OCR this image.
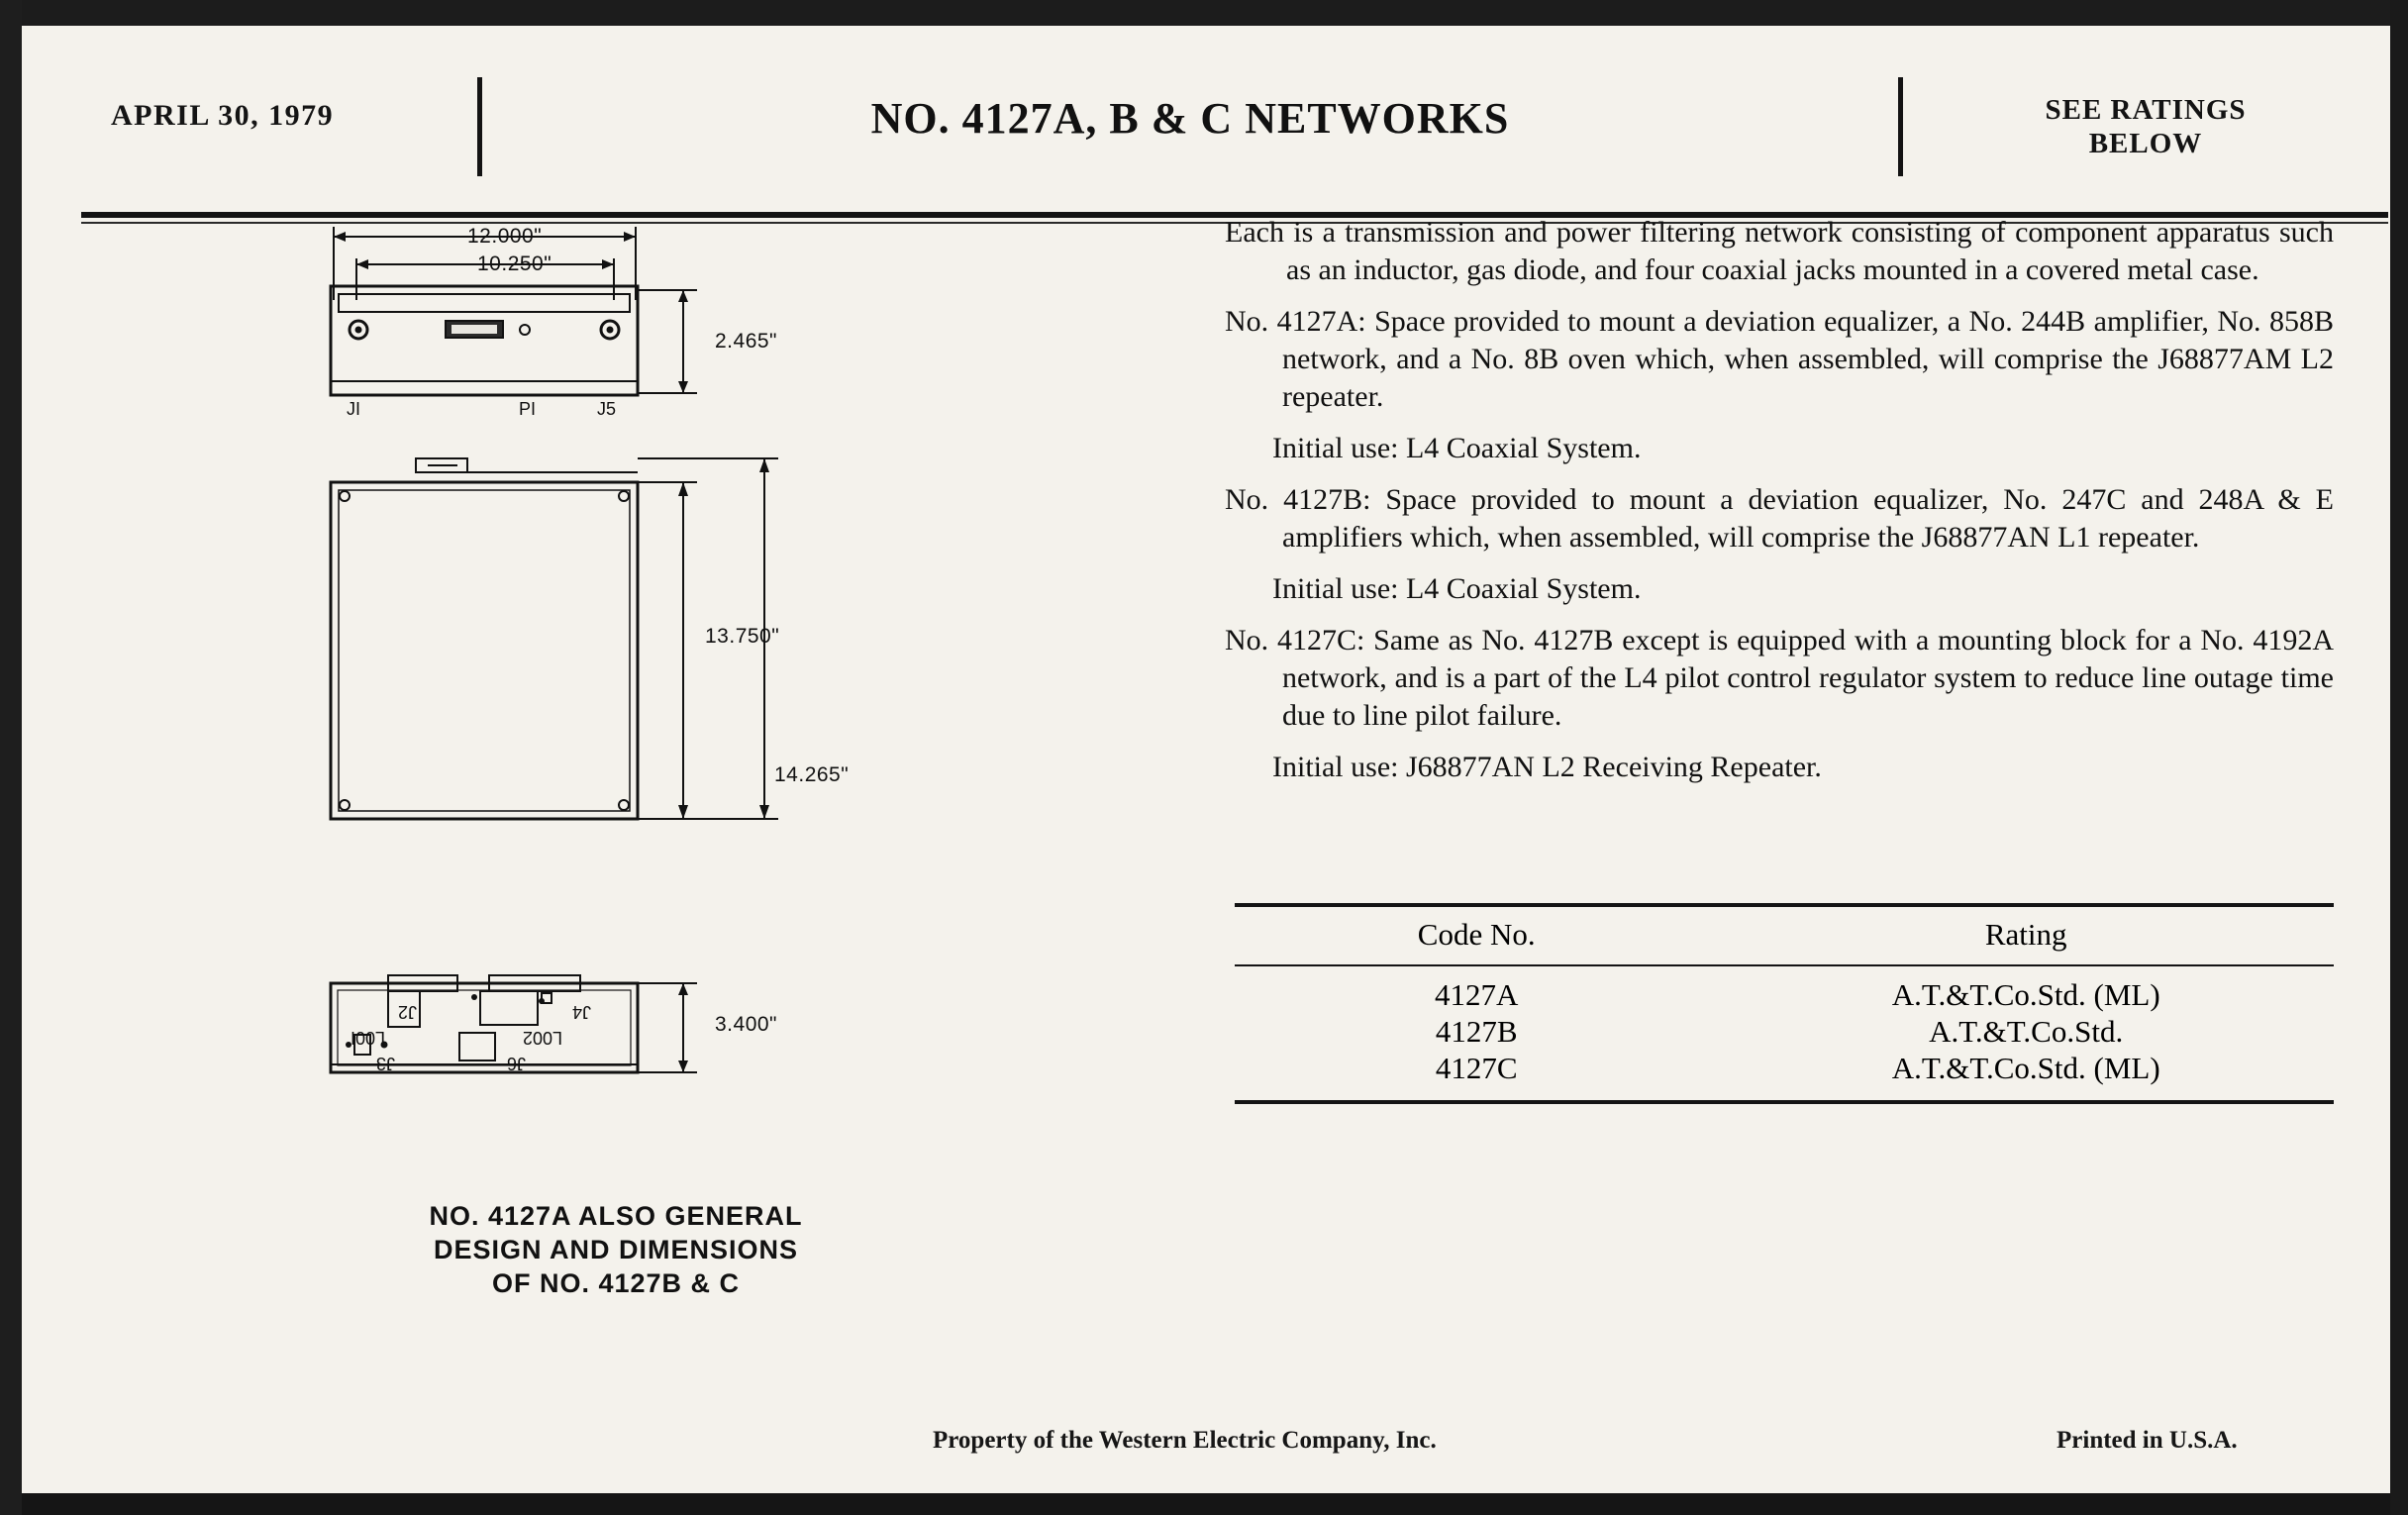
APRIL 30, 1979	NO. 4127A, B & C NETWORKS	SEE RATINGS
BELOW
Each is a transmission and power filtering network consisting of component apparatus such as an inductor, gas diode, and four coaxial jacks mounted in a covered metal case.
No. 4127A: Space provided to mount a deviation equalizer, a No. 244B amplifier, No. 858B network, and a No. 8B oven which, when assembled, will comprise the J68877AM L2 repeater.
Initial use: L4 Coaxial System.
No. 4127B: Space provided to mount a deviation equalizer, No. 247C and 248A & E amplifiers which, when assembled, will comprise the J68877AN L1 repeater.
Initial use: L4 Coaxial System.
No. 4127C: Same as No. 4127B except is equipped with a mounting block for a No. 4192A network, and is a part of the L4 pilot control regulator system to reduce line outage time due to line pilot failure.
Initial use: J68877AN L2 Receiving Repeater.
Code No.	Rating
4127A	A.T.&T.Co.Std. (ML)
4127B	A.T.&T.Co.Std.
4127C	A.T.&T.Co.Std. (ML)
12.000"
10.250"
2.465"
JI	PI	J5
13.750"
14.265"
3.400"
J2	J4
L00I	L002
J3	J6
NO. 4127A ALSO GENERAL
DESIGN AND DIMENSIONS
OF NO. 4127B & C
Property of the Western Electric Company, Inc.	Printed in U.S.A.
